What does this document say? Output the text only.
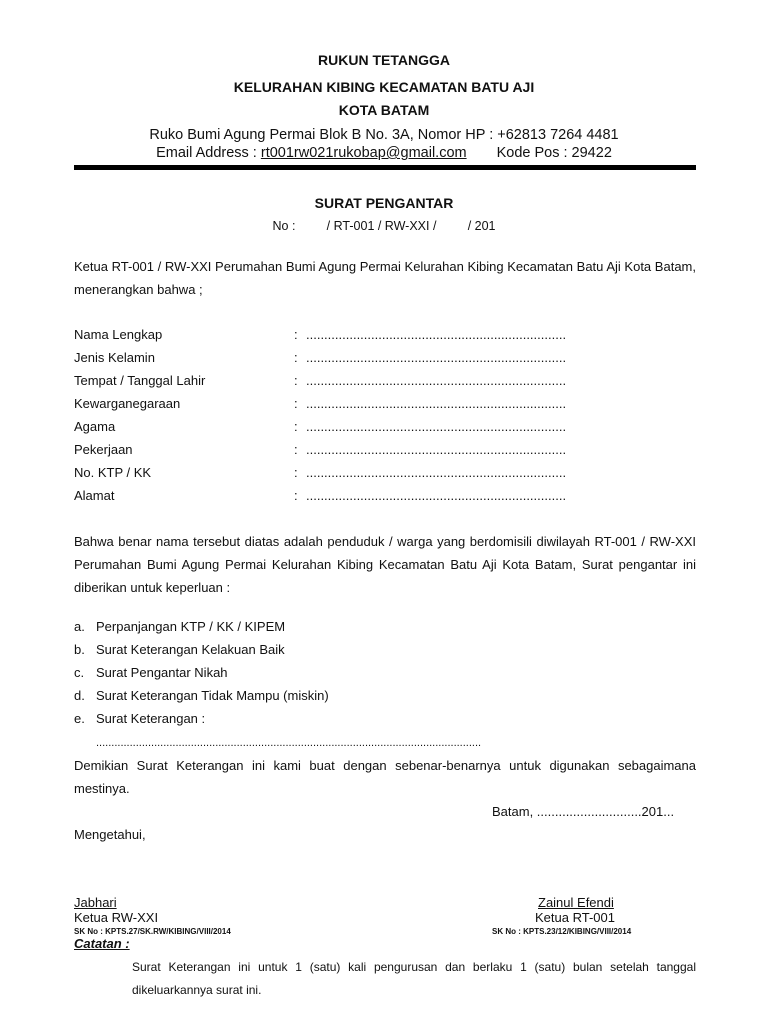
RUKUN TETANGGA
KELURAHAN KIBING KECAMATAN BATU AJI
KOTA BATAM
Ruko Bumi Agung Permai Blok B No. 3A, Nomor HP : +62813 7264 4481
Email Address : rt001rw021rukobap@gmail.com Kode Pos : 29422
SURAT PENGANTAR
No :         / RT-001 / RW-XXI /         / 201
Ketua RT-001 / RW-XXI Perumahan Bumi Agung Permai Kelurahan Kibing Kecamatan Batu Aji Kota Batam, menerangkan bahwa ;
Nama Lengkap	: ........................................................................
Jenis Kelamin	: ........................................................................
Tempat / Tanggal Lahir	: ........................................................................
Kewarganegaraan	: ........................................................................
Agama	: ........................................................................
Pekerjaan	: ........................................................................
No. KTP / KK	: ........................................................................
Alamat	: ........................................................................
Bahwa benar nama tersebut diatas adalah penduduk / warga yang berdomisili diwilayah RT-001 / RW-XXI Perumahan Bumi Agung Permai Kelurahan Kibing Kecamatan Batu Aji Kota Batam, Surat pengantar ini diberikan untuk keperluan :
a. Perpanjangan KTP / KK / KIPEM
b. Surat Keterangan Kelakuan Baik
c. Surat Pengantar Nikah
d. Surat Keterangan Tidak Mampu (miskin)
e. Surat Keterangan :
..............................................................................................................................
Demikian Surat Keterangan ini kami buat dengan sebenar-benarnya untuk digunakan sebagaimana mestinya.
Batam, .............................201...
Mengetahui,
Jabhari
Ketua RW-XXI
SK No : KPTS.27/SK.RW/KIBING/VIII/2014
Zainul Efendi
Ketua RT-001
SK No : KPTS.23/12/KIBING/VIII/2014
Catatan :
Surat Keterangan ini untuk 1 (satu) kali pengurusan dan berlaku 1 (satu) bulan setelah tanggal dikeluarkannya surat ini.
